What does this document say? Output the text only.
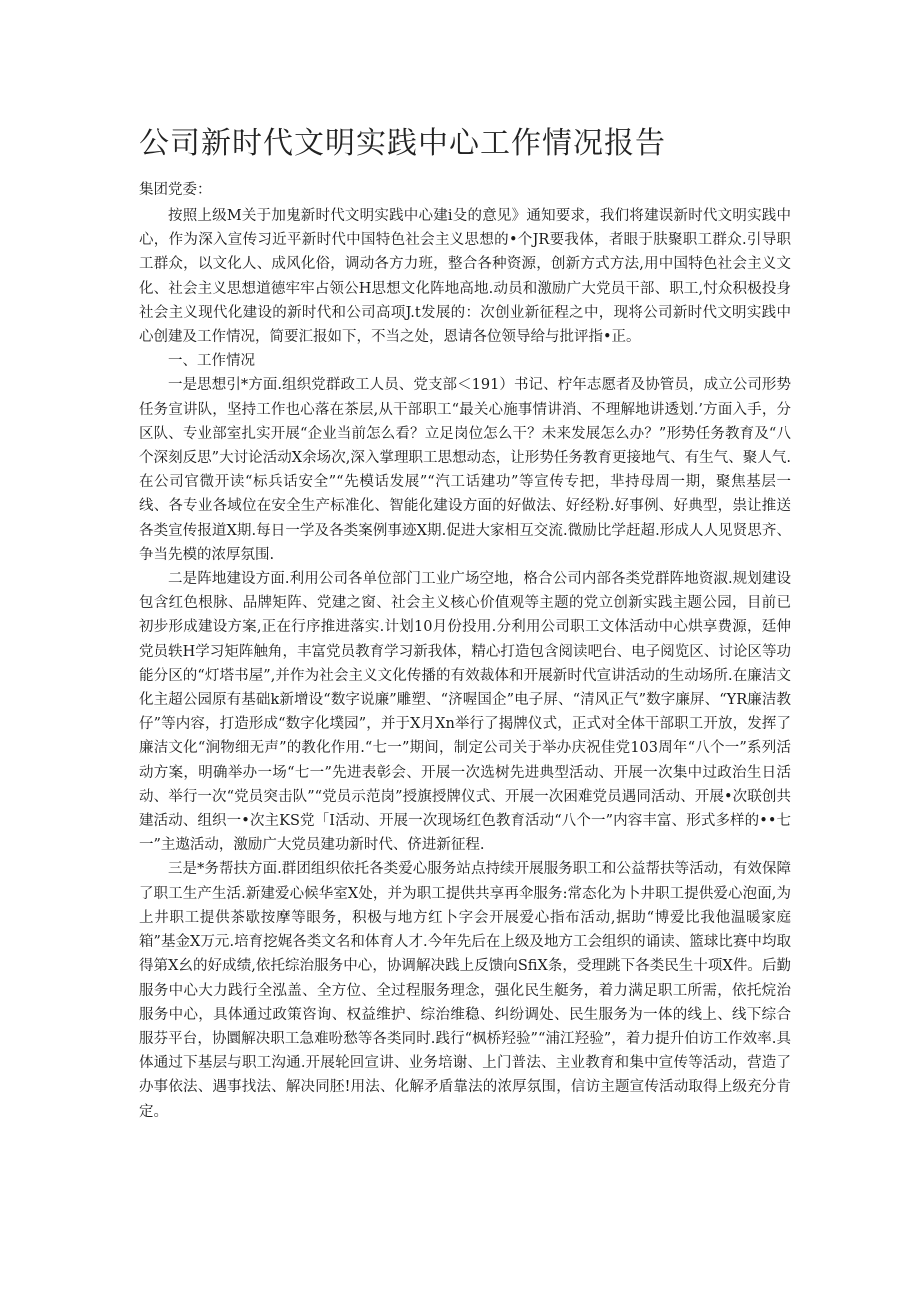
公司新时代文明实践中心工作情况报告

集团党委：

按照上级M关于加鬼新时代文明实践中心建i殳的意见》通知要求，我们将建误新时代文明实践中心，作为深入宣传习近平新时代中国特色社会主义思想的•个JR要我体，者眼于肤聚职工群众.引导职工群众，以文化人、成风化俗，调动各方力班，整合各种资源，创新方式方法,用中国特色社会主义文化、社会主义思想道德牢牢占领公H思想文化阵地高地.动员和激励广大党员干部、职工,忖众积极投身社会主义现代化建设的新时代和公司高项J.t发展的：次创业新征程之中，现将公司新时代文明实践中心创建及工作情况，简要汇报如下，不当之处，恩请各位领导给与批评指•正。

一、工作情况

一是思想引*方面.组织党群政工人员、党支部＜191）书记、柠年志愿者及协管员，成立公司形势任务宣讲队，坚持工作也心落在茶层,从干部职工“最关心施事情讲消、不理解地讲透划.’方面入手，分区队、专业部室扎实开展“企业当前怎么看？立足岗位怎么干？未来发展怎么办？”形势任务教育及“八个深刻反思”大讨论活动X余场次,深入掌理职工思想动态，让形势任务教育更接地气、有生气、聚人气.在公司官微开读“标兵话安全”“先模话发展”“汽工话建功”等宣传专把，芈持母周一期，聚焦基层一线、各专业各域位在安全生产标准化、智能化建设方面的好做法、好经粉.好事例、好典型，祟让推送各类宣传报道X期.每日一学及各类案例事迹X期.促进大家相互交流.微励比学赶超.形成人人见贤思齐、争当先模的浓厚氛围.

二是阵地建设方面.利用公司各单位部门工业广场空地，格合公司内部各类党群阵地资淑.规划建设包含红色根脉、品牌矩阵、党建之窗、社会主义核心价值观等主题的党立创新实践主题公园，目前已初步形成建设方案,正在行序推进落实.计划10月份投用.分利用公司职工文体活动中心烘享费源，廷伸党员轶H学习矩阵触角，丰富党员教育学习新我体，精心打造包含阅读吧台、电子阅览区、讨论区等功能分区的“灯塔书屋”,并作为社会主义文化传播的有效裁体和开展新时代宣讲活动的生动场所.在廉洁文化主超公园原有基础k新增设“数字说廉”雕塑、“济喔国企”电子屏、“清风正气”数字廉屏、“YR廉洁教仔”等内容，打造形成“数字化墣园”，并于X月Xn举行了揭牌仪式，正式对全体干部职工开放，发挥了廉洁文化“涧物细无声”的教化作用.“七一”期间，制定公司关于举办庆祝佳党103周年“八个一”系列活动方案，明确举办一场“七一”先进表彰会、开展一次选树先进典型活动、开展一次集中过政治生日活动、举行一次“党员突击队”“党员示范岗”授旗授牌仪式、开展一次困难党员遇同活动、开展•次联创共建活动、组织一•次主KS党「I活动、开展一次现场红色教育活动“八个一”内容丰富、形式多样的••七一”主遨活动，激励广大党员建功新时代、侪进新征程.

三是*务帮扶方面.群团组织依托各类爱心服务站点持续开展服务职工和公益帮扶等活动，有效保障了职工生产生活.新建爱心候华室X处，并为职工提供共享再伞服务:常态化为卜井职工提供爱心泡面,为上井职工提供茶歇按摩等眼务，积极与地方红卜字会开展爱心指布活动,据助“博爱比我他温暖家庭箱”基金X万元.培育挖娓各类文名和体育人才.今年先后在上级及地方工会组织的诵读、篮球比赛中均取得第X幺的好成绩,依托综治服务中心，协调解决践上反馈向SfiX条，受理跳下各类民生十项X件。后勤服务中心大力践行全泓盖、全方位、全过程服务理念，强化民生艇务，着力满足职工所需，依托烷治服务中心，具体通过政策咨询、权益维护、综治维稳、纠纷调处、民生服务为一体的线上、线下综合服芬平台，协圜解决职工急难吩愁等各类同时.践行“枫桥羟验”“浦江羟验”，着力提升伯访工作效率.具体通过下基层与职工沟通.开展轮回宣讲、业务培谢、上门普法、主业教育和集中宣传等活动，营造了办事依法、遇事找法、解决同胚!用法、化解矛盾靠法的浓厚氛围，信访主题宣传活动取得上级充分肯定。
